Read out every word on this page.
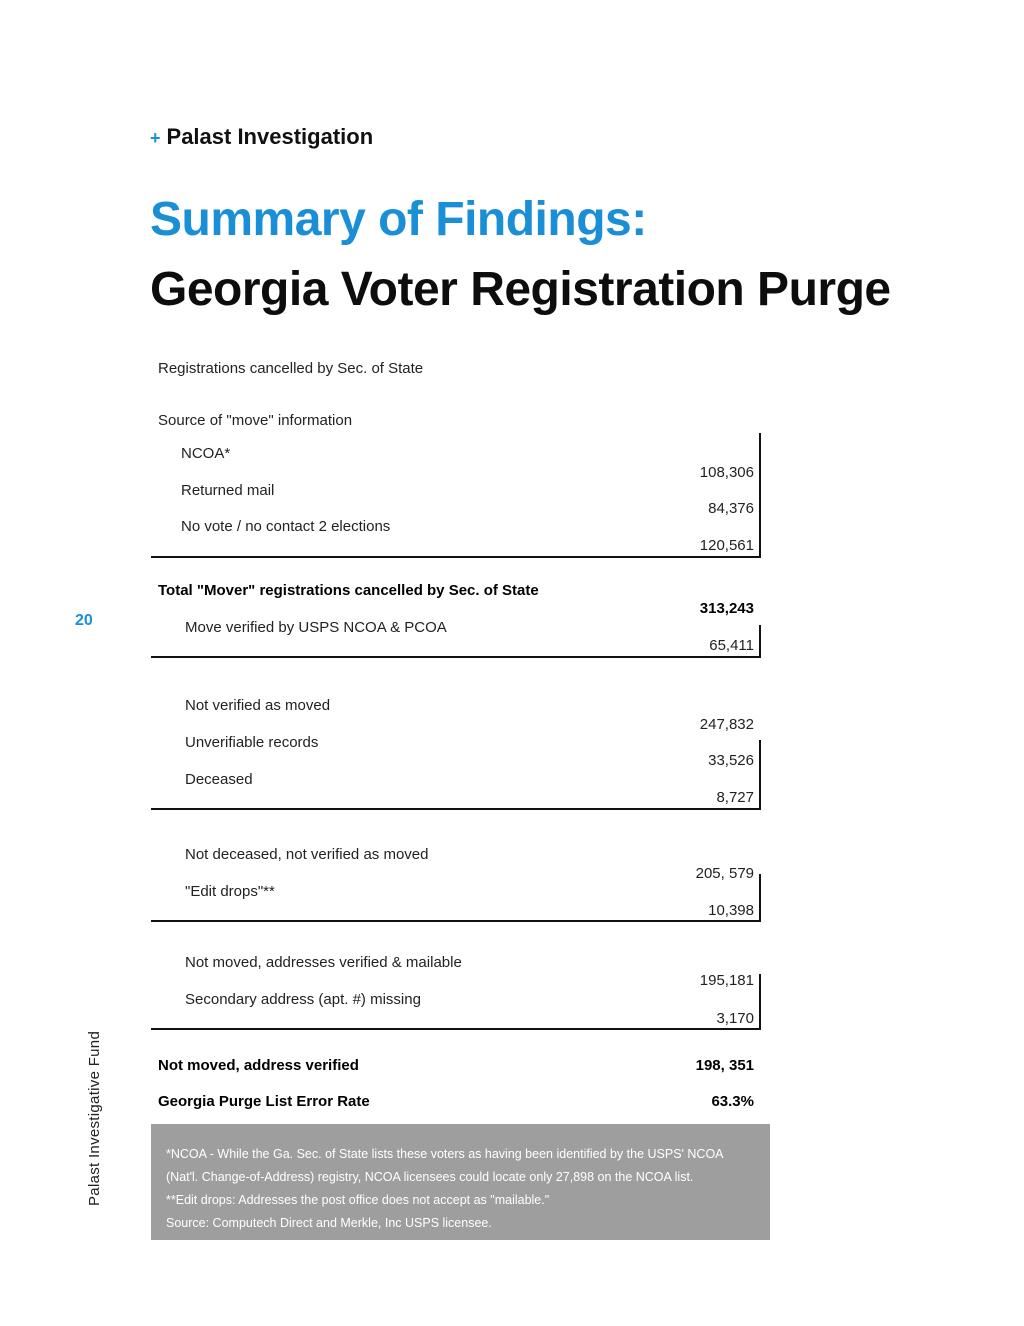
+ Palast Investigation
Summary of Findings:
Georgia Voter Registration Purge
20
Palast Investigative Fund
Registrations cancelled by Sec. of State
Source of "move" information
NCOA*
108,306
Returned mail
84,376
No vote / no contact 2 elections
120,561
Total "Mover" registrations cancelled by Sec. of State
313,243
Move verified by USPS NCOA & PCOA
65,411
Not verified as moved
247,832
Unverifiable records
33,526
Deceased
8,727
Not deceased, not verified as moved
205, 579
"Edit drops"**
10,398
Not moved, addresses verified & mailable
195,181
Secondary address (apt. #) missing
3,170
Not moved, address verified	198, 351
Georgia Purge List Error Rate	63.3%
*NCOA - While the Ga. Sec. of State lists these voters as having been identified by the USPS' NCOA
(Nat'l. Change-of-Address) registry, NCOA licensees could locate only 27,898 on the NCOA list.
**Edit drops: Addresses the post office does not accept as "mailable."
Source: Computech Direct and Merkle, Inc USPS licensee.
